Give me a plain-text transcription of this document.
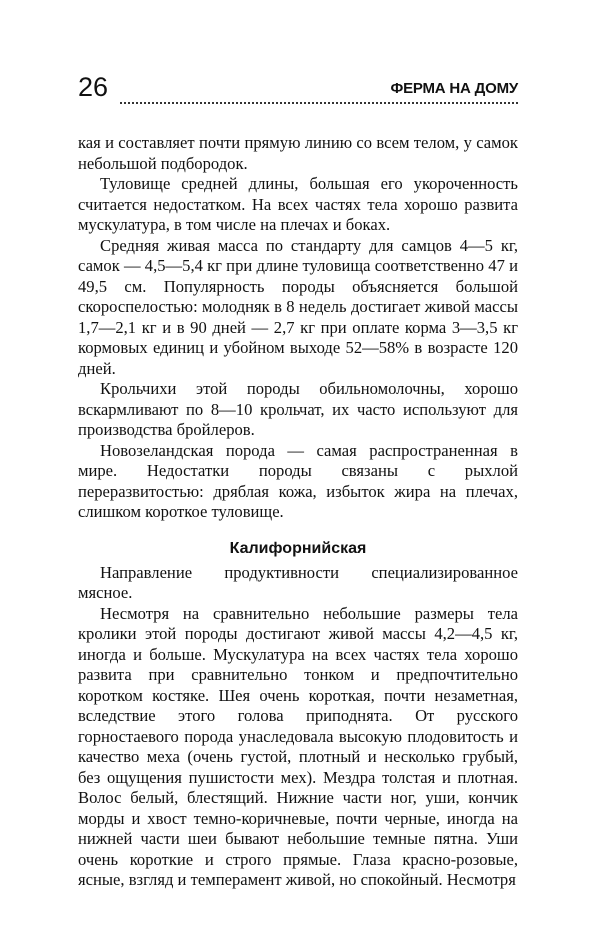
26	ФЕРМА НА ДОМУ

кая и составляет почти прямую линию со всем телом, у самок небольшой подбородок.

Туловище средней длины, большая его укороченность считается недостатком. На всех частях тела хорошо развита мускулатура, в том числе на плечах и боках.

Средняя живая масса по стандарту для самцов 4—5 кг, самок — 4,5—5,4 кг при длине туловища соответственно 47 и 49,5 см. Популярность породы объясняется большой скороспелостью: молодняк в 8 недель достигает живой массы 1,7—2,1 кг и в 90 дней — 2,7 кг при оплате корма 3—3,5 кг кормовых единиц и убойном выходе 52—58% в возрасте 120 дней.

Крольчихи этой породы обильномолочны, хорошо вскармливают по 8—10 крольчат, их часто используют для производства бройлеров.

Новозеландская порода — самая распространенная в мире. Недостатки породы связаны с рыхлой переразвитостью: дряблая кожа, избыток жира на плечах, слишком короткое туловище.

Калифорнийская

Направление продуктивности специализированное мясное.

Несмотря на сравнительно небольшие размеры тела кролики этой породы достигают живой массы 4,2—4,5 кг, иногда и больше. Мускулатура на всех частях тела хорошо развита при сравнительно тонком и предпочтительно коротком костяке. Шея очень короткая, почти незаметная, вследствие этого голова приподнята. От русского горностаевого порода унаследовала высокую плодовитость и качество меха (очень густой, плотный и несколько грубый, без ощущения пушистости мех). Мездра толстая и плотная. Волос белый, блестящий. Нижние части ног, уши, кончик морды и хвост темно-коричневые, почти черные, иногда на нижней части шеи бывают небольшие темные пятна. Уши очень короткие и строго прямые. Глаза красно-розовые, ясные, взгляд и темперамент живой, но спокойный. Несмотря
